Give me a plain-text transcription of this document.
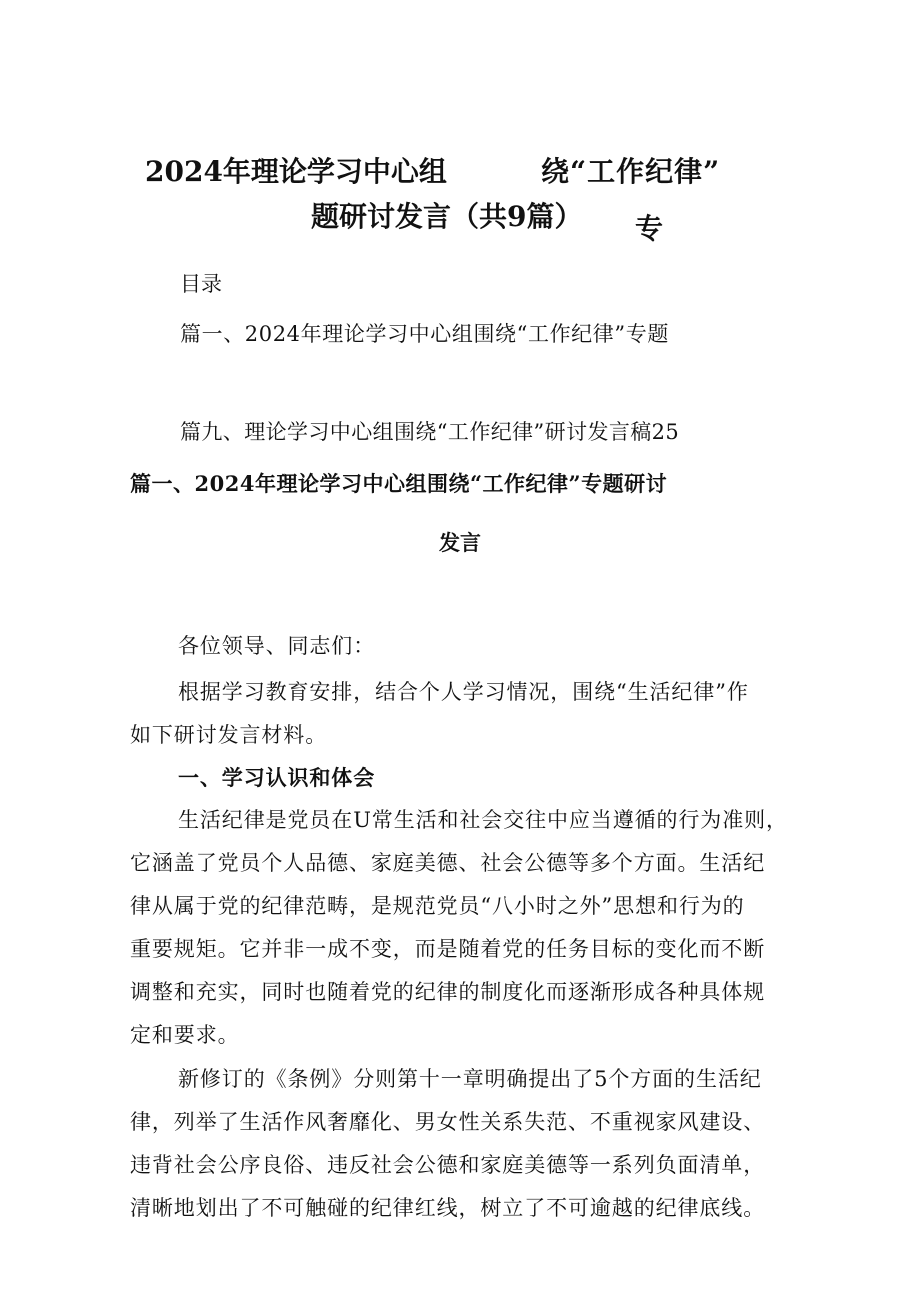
2024年理论学习中心组	绕“工作纪律”
题研讨发言（共9篇） 专
目录
篇一、2024年理论学习中心组围绕“工作纪律”专题
篇九、理论学习中心组围绕“工作纪律”研讨发言稿25
篇一、2024年理论学习中心组围绕“工作纪律”专题研讨
发言
各位领导、同志们：
根据学习教育安排，结合个人学习情况，围绕“生活纪律”作
如下研讨发言材料。
一、学习认识和体会
生活纪律是党员在U常生活和社会交往中应当遵循的行为准则，
它涵盖了党员个人品德、家庭美德、社会公德等多个方面。生活纪
律从属于党的纪律范畴，是规范党员“八小时之外”思想和行为的
重要规矩。它并非一成不变，而是随着党的任务目标的变化而不断
调整和充实，同时也随着党的纪律的制度化而逐渐形成各种具体规
定和要求。
新修订的《条例》分则第十一章明确提出了5个方面的生活纪
律，列举了生活作风奢靡化、男女性关系失范、不重视家风建设、
违背社会公序良俗、违反社会公德和家庭美德等一系列负面清单，
清晰地划出了不可触碰的纪律红线，树立了不可逾越的纪律底线。
